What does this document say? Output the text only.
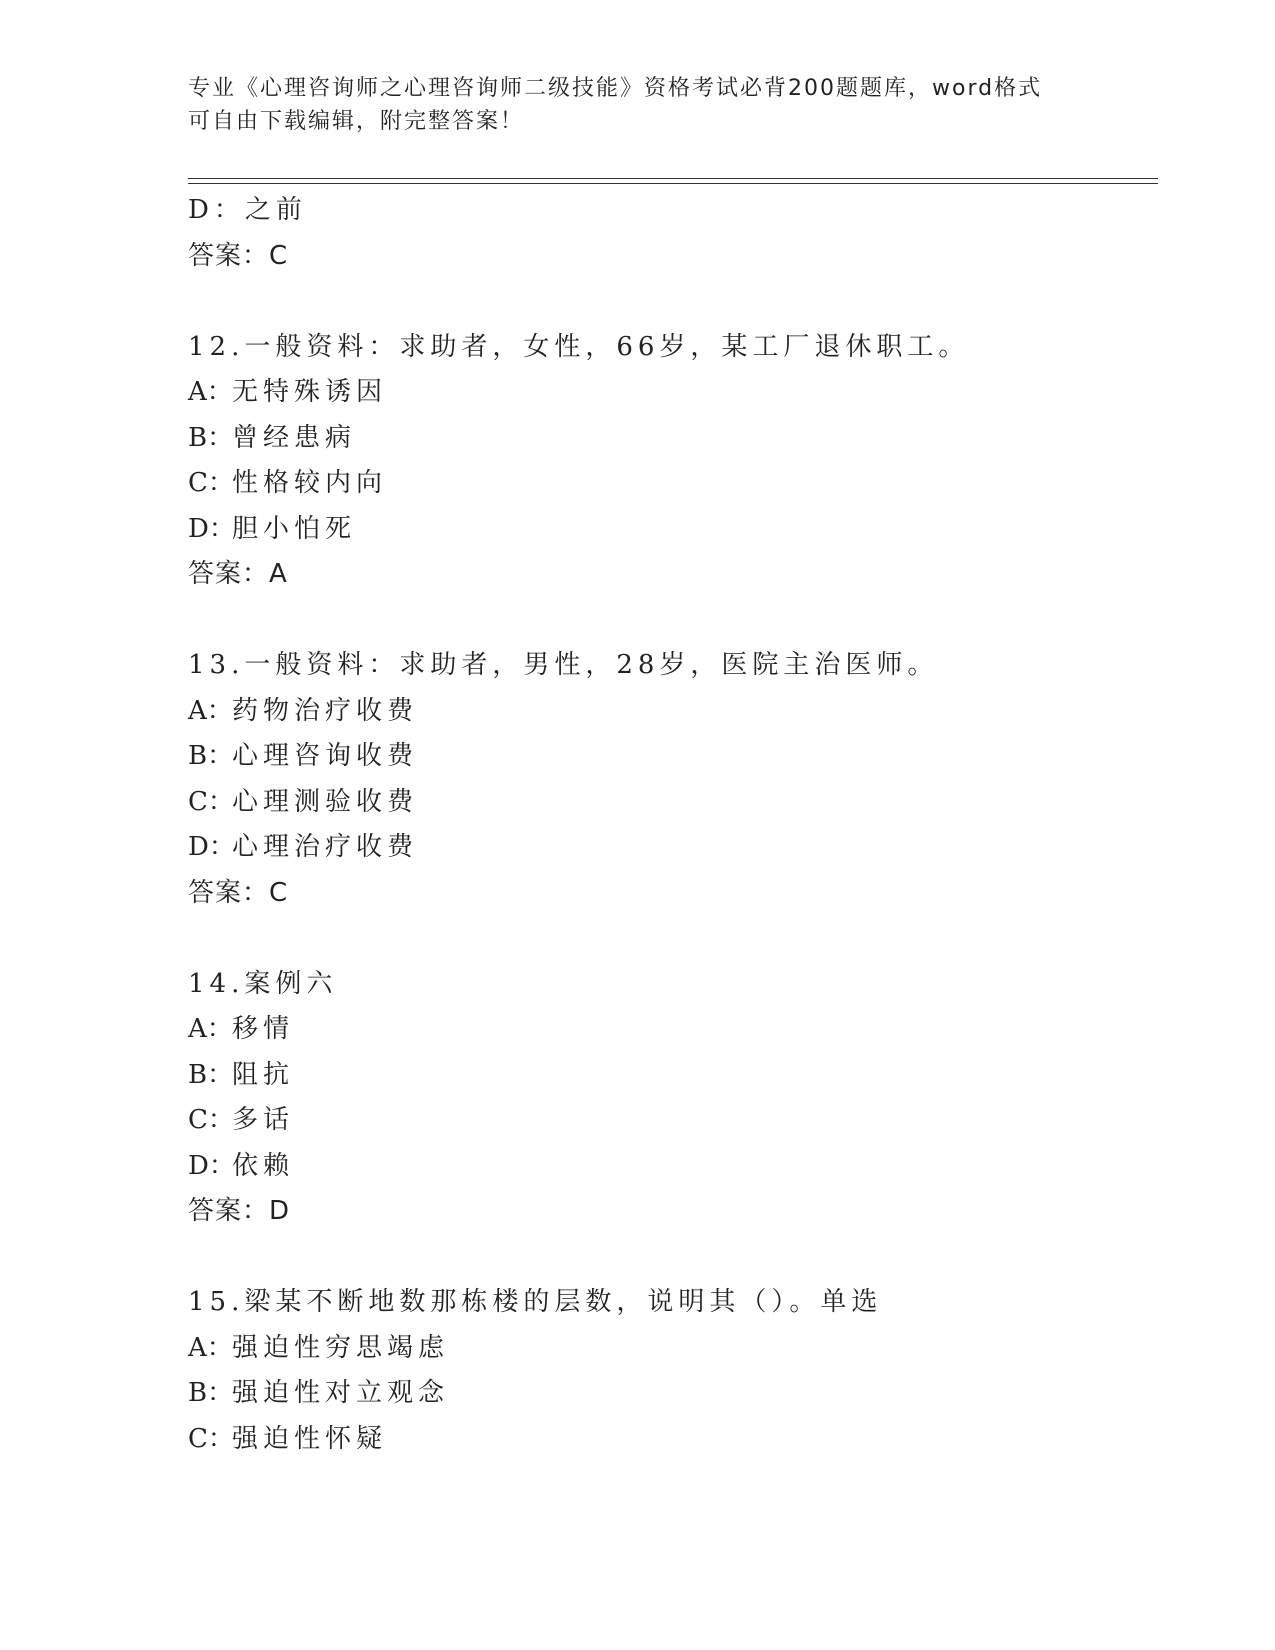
专业《心理咨询师之心理咨询师二级技能》资格考试必背200题题库，word格式
可自由下载编辑，附完整答案！
D：之前
答案：C
12.一般资料：求助者，女性，66岁，某工厂退休职工。
A：无特殊诱因
B：曾经患病
C：性格较内向
D：胆小怕死
答案：A
13.一般资料：求助者，男性，28岁，医院主治医师。
A：药物治疗收费
B：心理咨询收费
C：心理测验收费
D：心理治疗收费
答案：C
14.案例六
A：移情
B：阻抗
C：多话
D：依赖
答案：D
15.梁某不断地数那栋楼的层数，说明其（）。单选
A：强迫性穷思竭虑
B：强迫性对立观念
C：强迫性怀疑
